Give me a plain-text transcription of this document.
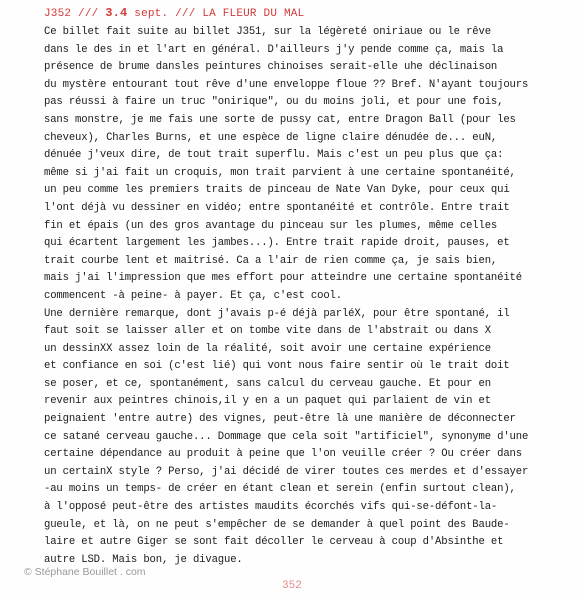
J352 /// 3.4 sept. /// LA FLEUR DU MAL
Ce billet fait suite au billet J351, sur la légèreté oniriaue ou le rêve
dans le des in et l'art en général. D'ailleurs j'y pende comme ça, mais la
présence de brume dansles peintures chinoises serait-elle uhe déclinaison
du mystère entourant tout rêve d'une enveloppe floue ?? Bref. N'ayant toujours
pas réussi à faire un truc "onirique", ou du moins joli, et pour une fois,
sans monstre, je me fais une sorte de pussy cat, entre Dragon Ball (pour les
cheveux), Charles Burns, et une espèce de ligne claire dénudée de... euN,
dénuée j'veux dire, de tout trait superflu. Mais c'est un peu plus que ça:
même si j'ai fait un croquis, mon trait parvient à une certaine spontanéité,
un peu comme les premiers traits de pinceau de Nate Van Dyke, pour ceux qui
l'ont déjà vu dessiner en vidéo; entre spontanéité et contrôle. Entre trait
fin et épais (un des gros avantage du pinceau sur les plumes, même celles
qui écartent largement les jambes...). Entre trait rapide droit, pauses, et
trait courbe lent et maitrisé. Ca a l'air de rien comme ça, je sais bien,
mais j'ai l'impression que mes effort pour atteindre une certaine spontanéité
commencent -à peine- à payer. Et ça, c'est cool.
Une dernière remarque, dont j'avais p-é déjà parléX, pour être spontané, il
faut soit se laisser aller et on tombe vite dans de l'abstrait ou dans X
un dessinXX assez loin de la réalité, soit avoir une certaine expérience
et confiance en soi (c'est lié) qui vont nous faire sentir où le trait doit
se poser, et ce, spontanément, sans calcul du cerveau gauche. Et pour en
revenir aux peintres chinois,il y en a un paquet qui parlaient de vin et
peignaient 'entre autre) des vignes, peut-être là une manière de déconnecter
ce satané cerveau gauche... Dommage que cela soit "artificiel", synonyme d'une
certaine dépendance au produit à peine que l'on veuille créer ? Ou créer dans
un certainX style ? Perso, j'ai décidé de virer toutes ces merdes et d'essayer
-au moins un temps- de créer en étant clean et serein (enfin surtout clean),
à l'opposé peut-être des artistes maudits écorchés vifs qui-se-défont-la-
gueule, et là, on ne peut s'empêcher de se demander à quel point des Baude-
laire et autre Giger se sont fait décoller le cerveau à coup d'Absinthe et
autre LSD. Mais bon, je divague.
© Stéphane Bouillet . com
352
